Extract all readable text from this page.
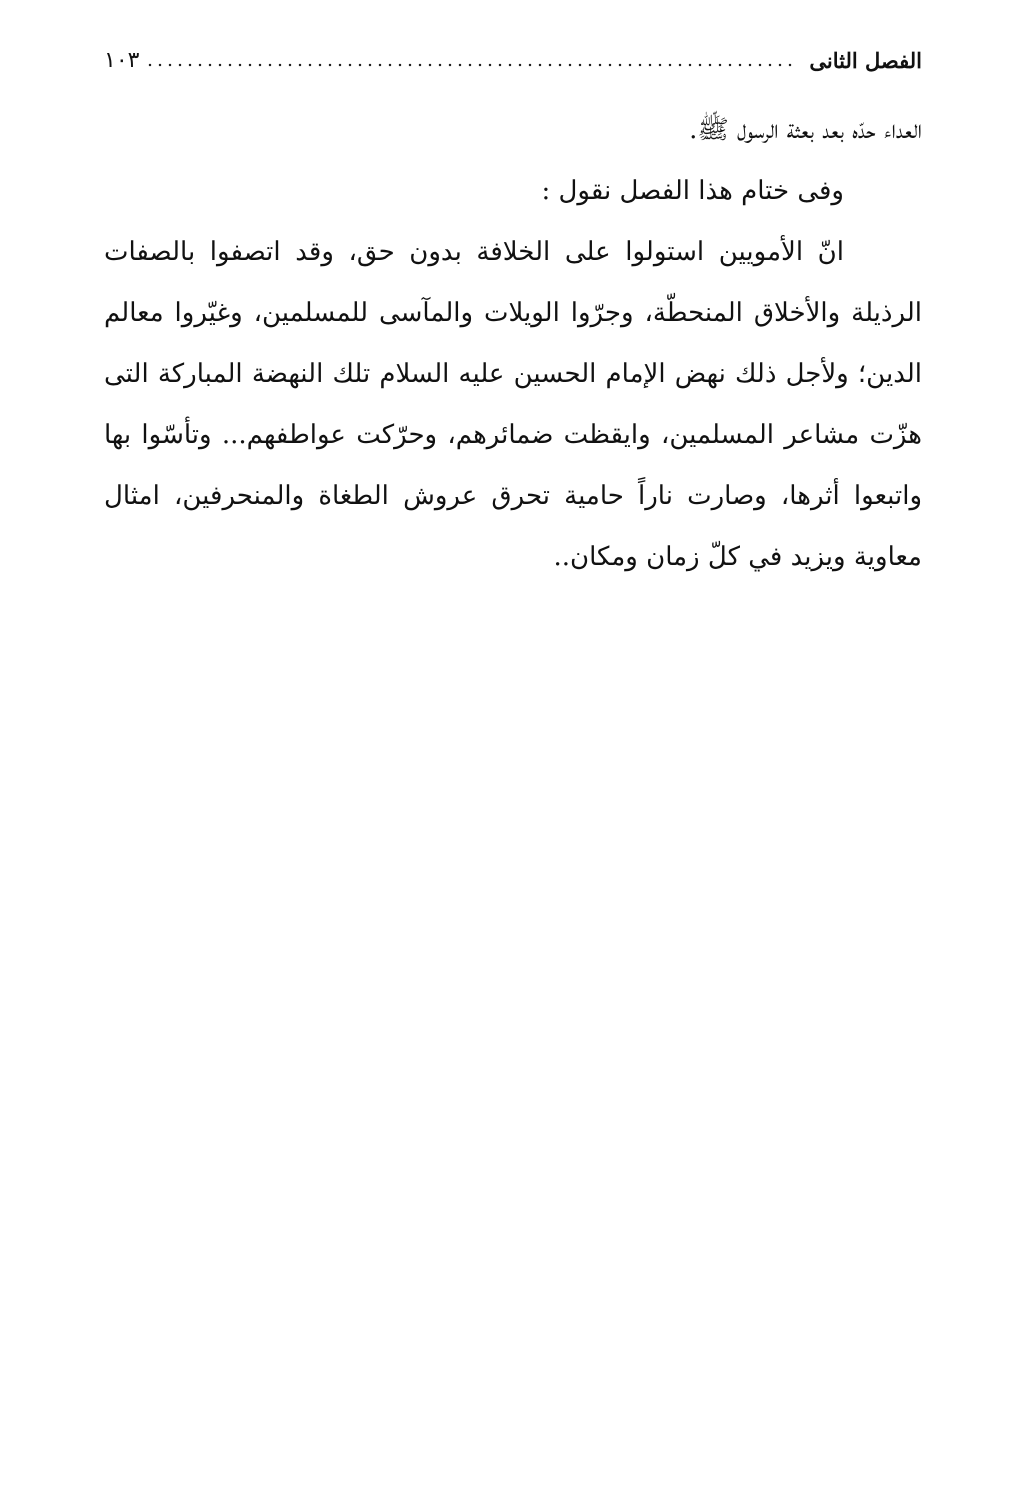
الفصل الثانى
١٠٣

العداء حدّه بعد بعثة الرسول ﷺ.

وفى ختام هذا الفصل نقول :

انّ الأمويين استولوا على الخلافة بدون حق، وقد اتصفوا بالصفات الرذيلة والأخلاق المنحطّة، وجرّوا الويلات والمآسى للمسلمين، وغيّروا معالم الدين؛ ولأجل ذلك نهض الإمام الحسين عليه السلام تلك النهضة المباركة التى هزّت مشاعر المسلمين، وايقظت ضمائرهم، وحرّكت عواطفهم... وتأسّوا بها واتبعوا أثرها، وصارت ناراً حامية تحرق عروش الطغاة والمنحرفين، امثال معاوية ويزيد في كلّ زمان ومكان..
